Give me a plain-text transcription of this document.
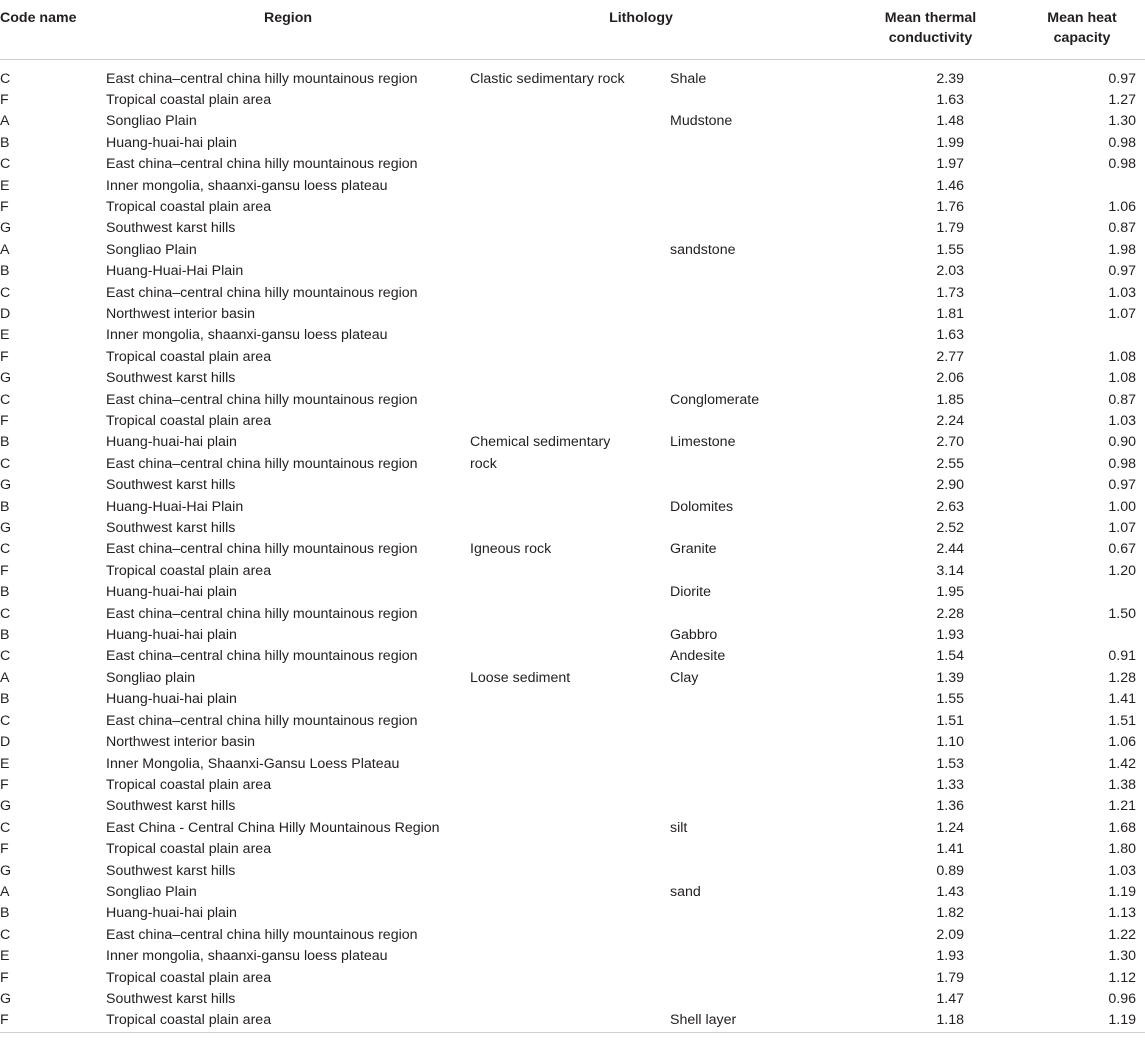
Code name	Region	Lithology		Mean thermal conductivity	Mean heat capacity
C	East china–central china hilly mountainous region	Clastic sedimentary rock	Shale	2.39	0.97
F	Tropical coastal plain area			1.63	1.27
A	Songliao Plain		Mudstone	1.48	1.30
B	Huang-huai-hai plain			1.99	0.98
C	East china–central china hilly mountainous region			1.97	0.98
E	Inner mongolia, shaanxi-gansu loess plateau			1.46	
F	Tropical coastal plain area			1.76	1.06
G	Southwest karst hills			1.79	0.87
A	Songliao Plain		sandstone	1.55	1.98
B	Huang-Huai-Hai Plain			2.03	0.97
C	East china–central china hilly mountainous region			1.73	1.03
D	Northwest interior basin			1.81	1.07
E	Inner mongolia, shaanxi-gansu loess plateau			1.63	
F	Tropical coastal plain area			2.77	1.08
G	Southwest karst hills			2.06	1.08
C	East china–central china hilly mountainous region		Conglomerate	1.85	0.87
F	Tropical coastal plain area			2.24	1.03
B	Huang-huai-hai plain	Chemical sedimentary rock	Limestone	2.70	0.90
C	East china–central china hilly mountainous region			2.55	0.98
G	Southwest karst hills			2.90	0.97
B	Huang-Huai-Hai Plain		Dolomites	2.63	1.00
G	Southwest karst hills			2.52	1.07
C	East china–central china hilly mountainous region	Igneous rock	Granite	2.44	0.67
F	Tropical coastal plain area			3.14	1.20
B	Huang-huai-hai plain		Diorite	1.95	
C	East china–central china hilly mountainous region			2.28	1.50
B	Huang-huai-hai plain		Gabbro	1.93	
C	East china–central china hilly mountainous region		Andesite	1.54	0.91
A	Songliao plain	Loose sediment	Clay	1.39	1.28
B	Huang-huai-hai plain			1.55	1.41
C	East china–central china hilly mountainous region			1.51	1.51
D	Northwest interior basin			1.10	1.06
E	Inner Mongolia, Shaanxi-Gansu Loess Plateau			1.53	1.42
F	Tropical coastal plain area			1.33	1.38
G	Southwest karst hills			1.36	1.21
C	East China - Central China Hilly Mountainous Region		silt	1.24	1.68
F	Tropical coastal plain area			1.41	1.80
G	Southwest karst hills			0.89	1.03
A	Songliao Plain		sand	1.43	1.19
B	Huang-huai-hai plain			1.82	1.13
C	East china–central china hilly mountainous region			2.09	1.22
E	Inner mongolia, shaanxi-gansu loess plateau			1.93	1.30
F	Tropical coastal plain area			1.79	1.12
G	Southwest karst hills			1.47	0.96
F	Tropical coastal plain area		Shell layer	1.18	1.19
